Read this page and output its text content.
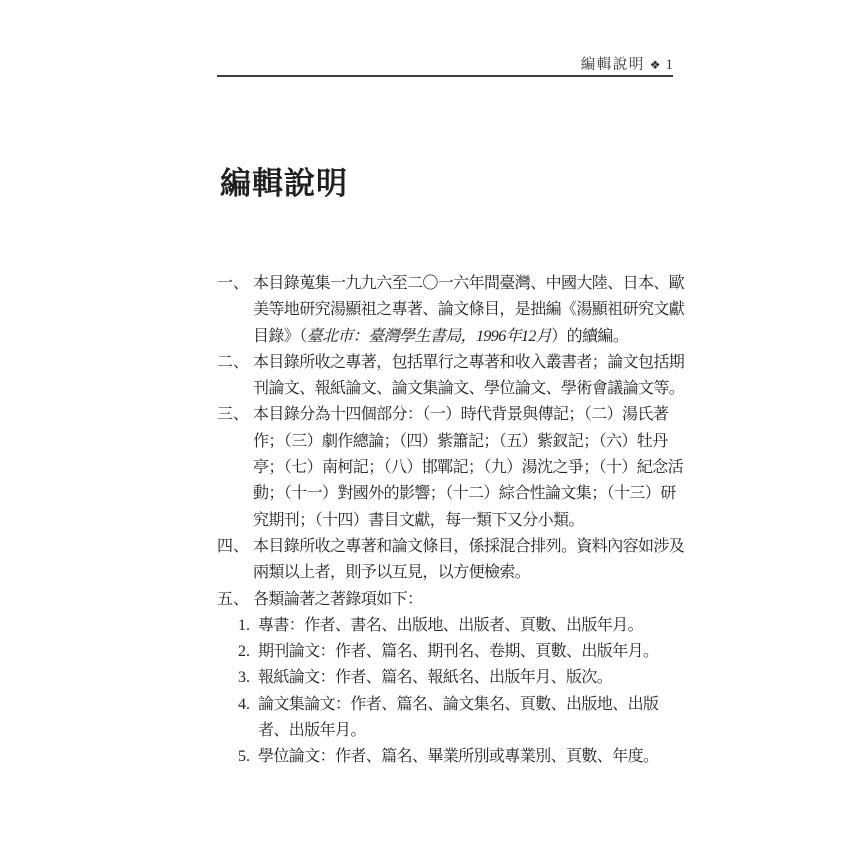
編輯說明 ❖ 1
編輯說明
一、 本目錄蒐集一九九六至二〇一六年間臺灣、中國大陸、日本、歐
美等地研究湯顯祖之專著、論文條目，是拙編《湯顯祖研究文獻
目錄》（臺北市：臺灣學生書局，1996年12月）的續編。
二、 本目錄所收之專著，包括單行之專著和收入叢書者；論文包括期
刊論文、報紙論文、論文集論文、學位論文、學術會議論文等。
三、 本目錄分為十四個部分：（一）時代背景與傳記；（二）湯氏著
作；（三）劇作總論；（四）紫簫記；（五）紫釵記；（六）牡丹
亭；（七）南柯記；（八）邯鄲記；（九）湯沈之爭；（十）紀念活
動；（十一）對國外的影響；（十二）綜合性論文集；（十三）研
究期刊；（十四）書目文獻，每一類下又分小類。
四、 本目錄所收之專著和論文條目，係採混合排列。資料內容如涉及
兩類以上者，則予以互見，以方便檢索。
五、 各類論著之著錄項如下：
1. 專書：作者、書名、出版地、出版者、頁數、出版年月。
2. 期刊論文：作者、篇名、期刊名、卷期、頁數、出版年月。
3. 報紙論文：作者、篇名、報紙名、出版年月、版次。
4. 論文集論文：作者、篇名、論文集名、頁數、出版地、出版
者、出版年月。
5. 學位論文：作者、篇名、畢業所別或專業別、頁數、年度。
